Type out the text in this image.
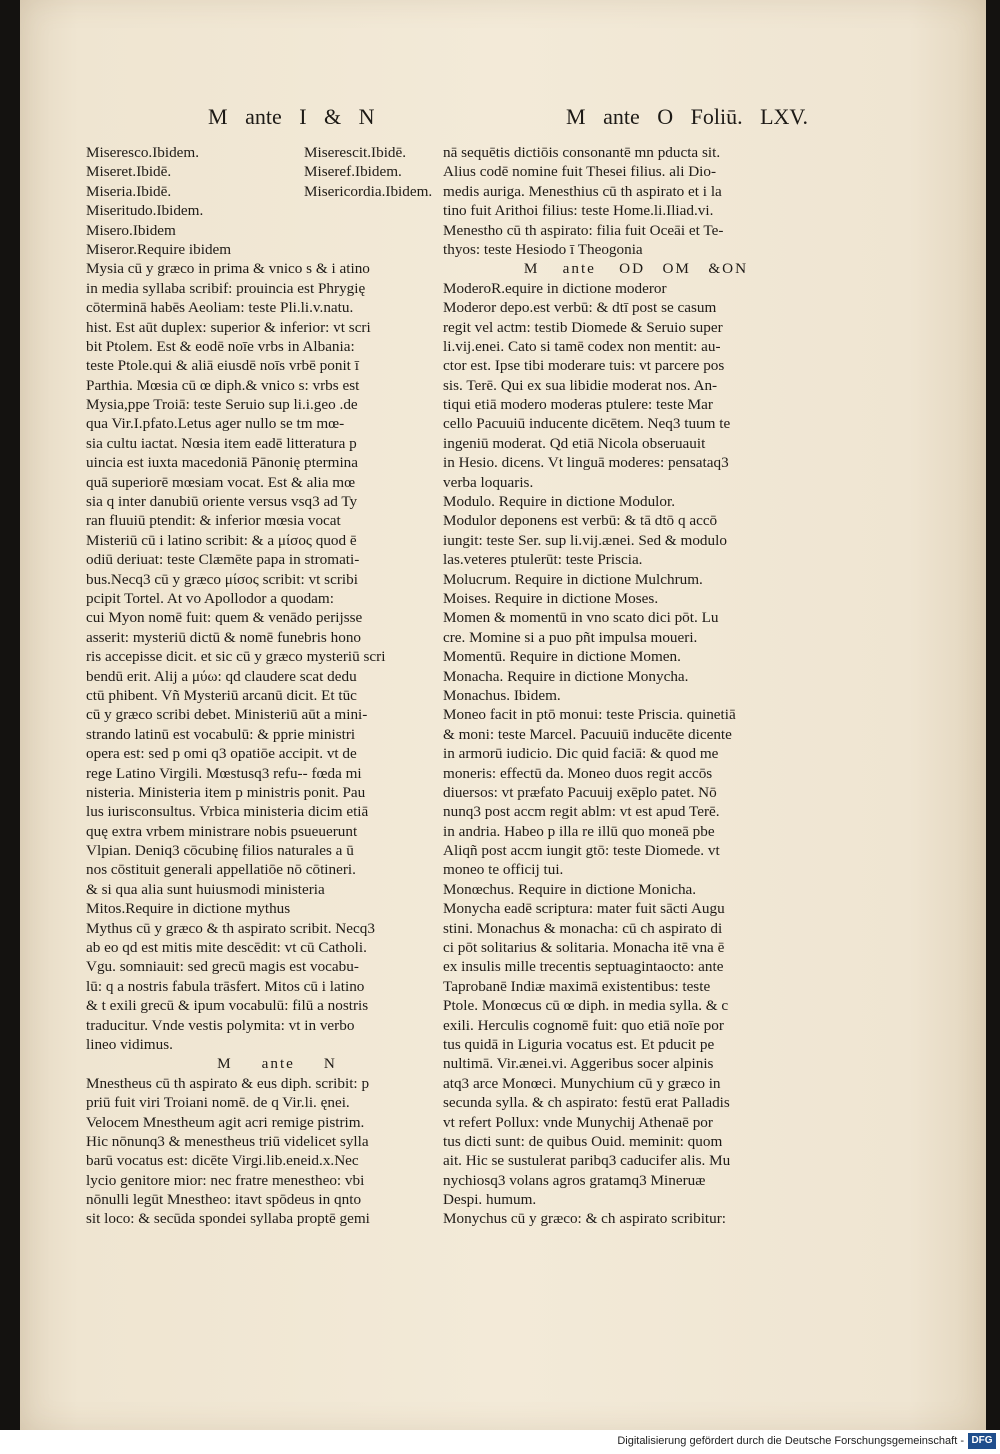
M ante I & N	M ante O Foliū. LXV.
Miseresco.Ibidem.	Miserescit.Ibidē.
Miseret.Ibidē.	Miseref.Ibidem.
Miseria.Ibidē.	Misericordia.Ibidem.
Miseritudo.Ibidem.
Misero.Ibidem
Miseror.Require ibidem
Mysia cū y græco in prima & vnico s & i atino
in media syllaba scribif: prouincia est Phrygię
cōterminā habēs Aeoliam: teste Pli.li.v.natu.
hist. Est aūt duplex: superior & inferior: vt scri
bit Ptolem. Est & eodē noīe vrbs in Albania:
teste Ptole.qui & aliā eiusdē noīs vrbē ponit ī
Parthia. Mœsia cū œ diph.& vnico s: vrbs est
Mysia,ppe Troiā: teste Seruio sup li.i.geo .de
qua Vir.I.pfato.Letus ager nullo se tm mœ-
sia cultu iactat. Nœsia item eadē litteratura p
uincia est iuxta macedoniā Pānonię ptermina
quā superiorē mœsiam vocat. Est & alia mœ
sia q inter danubiū oriente versus vsq3 ad Ty
ran fluuiū ptendit: & inferior mœsia vocat
Misteriū cū i latino scribit: & a μίσος quod ē
odiū deriuat: teste Clæmēte papa in stromati-
bus.Necq3 cū y græco μίσος scribit: vt scribi
pcipit Tortel. At vo Apollodor a quodam:
cui Myon nomē fuit: quem & venādo perijsse
asserit: mysteriū dictū & nomē funebris hono
ris accepisse dicit. et sic cū y græco mysteriū scri
bendū erit. Alij a μύω: qd claudere scat dedu
ctū phibent. Vñ Mysteriū arcanū dicit. Et tūc
cū y græco scribi debet. Ministeriū aūt a mini-
strando latinū est vocabulū: & pprie ministri
opera est: sed p omi q3 opatiōe accipit. vt de
rege Latino Virgili. Mœstusq3 refu-- fœda mi
nisteria. Ministeria item p ministris ponit. Pau
lus iurisconsultus. Vrbica ministeria dicim etiā
quę extra vrbem ministrare nobis psueuerunt
Vlpian. Deniq3 cōcubinę filios naturales a ū
nos cōstituit generali appellatiōe nō cōtineri.
& si qua alia sunt huiusmodi ministeria
Mitos.Require in dictione mythus
Mythus cū y græco & th aspirato scribit. Necq3
ab eo qd est mitis mite descēdit: vt cū Catholi.
Vgu. somniauit: sed grecū magis est vocabu-
lū: q a nostris fabula trāsfert. Mitos cū i latino
& t exili grecū & ipum vocabulū: filū a nostris
traducitur. Vnde vestis polymita: vt in verbo
lineo vidimus.
M ante N
Mnestheus cū th aspirato & eus diph. scribit: p
priū fuit viri Troiani nomē. de q Vir.li. ęnei.
Velocem Mnestheum agit acri remige pistrim.
Hic nōnunq3 & menestheus triū videlicet sylla
barū vocatus est: dicēte Virgi.lib.eneid.x.Nec
lycio genitore mior: nec fratre menestheo: vbi
nōnulli legūt Mnestheo: itavt spōdeus in qnto
sit loco: & secūda spondei syllaba proptē gemi
nā sequētis dictiōis consonantē mn pducta sit.
Alius codē nomine fuit Thesei filius. ali Dio-
medis auriga. Menesthius cū th aspirato et i la
tino fuit Arithoi filius: teste Home.li.Iliad.vi.
Menestho cū th aspirato: filia fuit Oceāi et Te-
thyos: teste Hesiodo ī Theogonia
M ante OD OM &ON
ModeroR.equire in dictione moderor
Moderor depo.est verbū: & dtī post se casum
regit vel actm: testib Diomede & Seruio super
li.vij.enei. Cato si tamē codex non mentit: au-
ctor est. Ipse tibi moderare tuis: vt parcere pos
sis. Terē. Qui ex sua libidie moderat nos. An-
tiqui etiā modero moderas ptulere: teste Mar
cello Pacuuiū inducente dicētem. Neq3 tuum te
ingeniū moderat. Qd etiā Nicola obseruauit
in Hesio. dicens. Vt linguā moderes: pensataq3
verba loquaris.
Modulo. Require in dictione Modulor.
Modulor deponens est verbū: & tā dtō q accō
iungit: teste Ser. sup li.vij.ænei. Sed & modulo
las.veteres ptulerūt: teste Priscia.
Molucrum. Require in dictione Mulchrum.
Moises. Require in dictione Moses.
Momen & momentū in vno scato dici pōt. Lu
cre. Momine si a puo pñt impulsa moueri.
Momentū. Require in dictione Momen.
Monacha. Require in dictione Monycha.
Monachus. Ibidem.
Moneo facit in ptō monui: teste Priscia. quinetiā
& moni: teste Marcel. Pacuuiū inducēte dicente
in armorū iudicio. Dic quid faciā: & quod me
moneris: effectū da. Moneo duos regit accōs
diuersos: vt præfato Pacuuij exēplo patet. Nō
nunq3 post accm regit ablm: vt est apud Terē.
in andria. Habeo p illa re illū quo moneā pbe
Aliqñ post accm iungit gtō: teste Diomede. vt
moneo te officij tui.
Monœchus. Require in dictione Monicha.
Monycha eadē scriptura: mater fuit sācti Augu
stini. Monachus & monacha: cū ch aspirato di
ci pōt solitarius & solitaria. Monacha itē vna ē
ex insulis mille trecentis septuagintaocto: ante
Taprobanē Indiæ maximā existentibus: teste
Ptole. Monœcus cū œ diph. in media sylla. & c
exili. Herculis cognomē fuit: quo etiā noīe por
tus quidā in Liguria vocatus est. Et pducit pe
nultimā. Vir.ænei.vi. Aggeribus socer alpinis
atq3 arce Monœci. Munychium cū y græco in
secunda sylla. & ch aspirato: festū erat Palladis
vt refert Pollux: vnde Munychij Athenaē por
tus dicti sunt: de quibus Ouid. meminit: quom
ait. Hic se sustulerat paribq3 caducifer alis. Mu
nychiosq3 volans agros gratamq3 Mineruæ
Despi. humum.
Monychus cū y græco: & ch aspirato scribitur:
Digitalisierung gefördert durch die Deutsche Forschungsgemeinschaft - DFG
